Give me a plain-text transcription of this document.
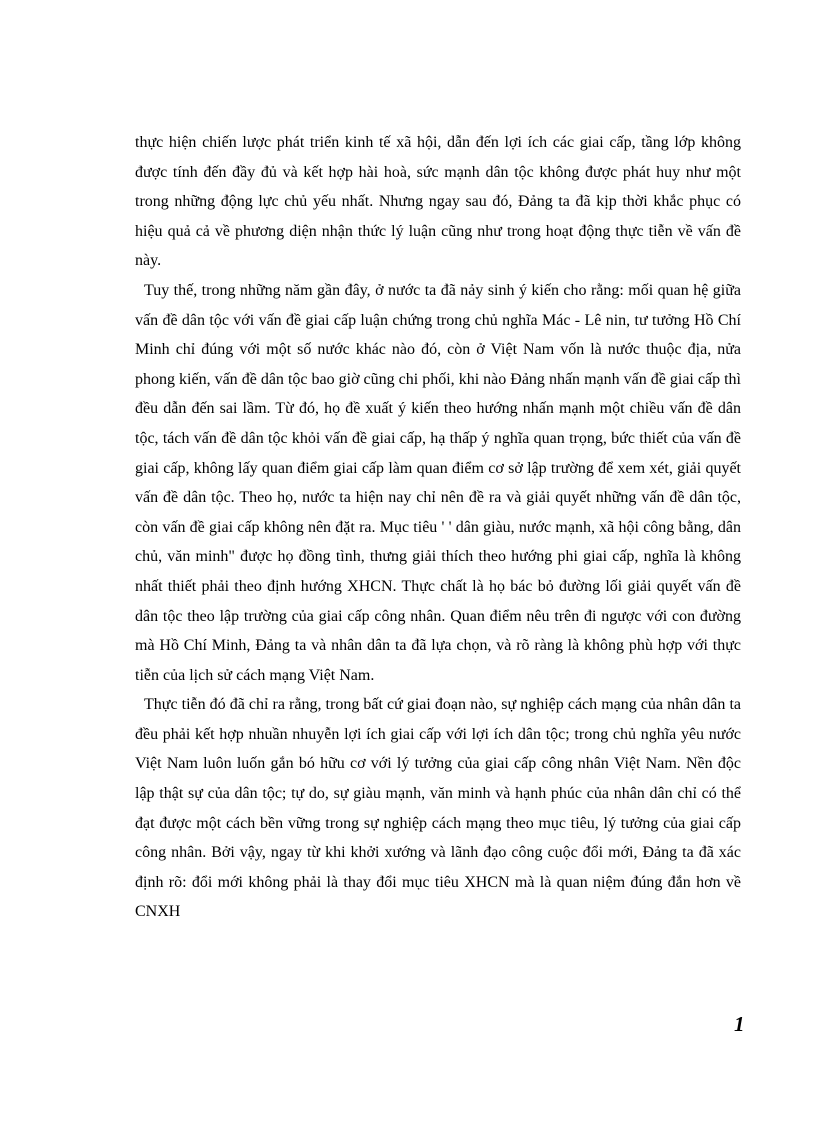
thực hiện chiến lược phát triển kinh tế xã hội, dẫn đến lợi ích các giai cấp, tầng lớp không được tính đến đầy đủ và kết hợp hài hoà, sức mạnh dân tộc không được phát huy như một trong những động lực chủ yếu nhất. Nhưng ngay sau đó, Đảng ta đã kịp thời khắc phục có hiệu quả cả về phương diện nhận thức lý luận cũng như trong hoạt động thực tiễn về vấn đề này.

Tuy thế, trong những năm gần đây, ở nước ta đã nảy sinh ý kiến cho rằng: mối quan hệ giữa vấn đề dân tộc với vấn đề giai cấp luận chứng trong chủ nghĩa Mác - Lê nin, tư tưởng Hồ Chí Minh chỉ đúng với một số nước khác nào đó, còn ở Việt Nam vốn là nước thuộc địa, nửa phong kiến, vấn đề dân tộc bao giờ cũng chi phối, khi nào Đảng nhấn mạnh vấn đề giai cấp thì đều dẫn đến sai lầm. Từ đó, họ đề xuất ý kiến theo hướng nhấn mạnh một chiều vấn đề dân tộc, tách vấn đề dân tộc khỏi vấn đề giai cấp, hạ thấp ý nghĩa quan trọng, bức thiết của vấn đề giai cấp, không lấy quan điểm giai cấp làm quan điểm cơ sở lập trường để xem xét, giải quyết vấn đề dân tộc. Theo họ, nước ta hiện nay chỉ nên đề ra và giải quyết những vấn đề dân tộc, còn vấn đề giai cấp không nên đặt ra. Mục tiêu ' ' dân giàu, nước mạnh, xã hội công bằng, dân chủ, văn minh" được họ đồng tình, thưng giải thích theo hướng phi giai cấp, nghĩa là không nhất thiết phải theo định hướng XHCN. Thực chất là họ bác bỏ đường lối giải quyết vấn đề dân tộc theo lập trường của giai cấp công nhân. Quan điểm nêu trên đi ngược với con đường mà Hồ Chí Minh, Đảng ta và nhân dân ta đã lựa chọn, và rõ ràng là không phù hợp với thực tiễn của lịch sử cách mạng Việt Nam.

Thực tiễn đó đã chỉ ra rằng, trong bất cứ giai đoạn nào, sự nghiệp cách mạng của nhân dân ta đều phải kết hợp nhuần nhuyễn lợi ích giai cấp với lợi ích dân tộc; trong chủ nghĩa yêu nước Việt Nam luôn luốn gắn bó hữu cơ với lý tưởng của giai cấp công nhân Việt Nam. Nền độc lập thật sự của dân tộc; tự do, sự giàu mạnh, văn minh và hạnh phúc của nhân dân chỉ có thể đạt được một cách bền vững trong sự nghiệp cách mạng theo mục tiêu, lý tưởng của giai cấp công nhân. Bởi vậy, ngay từ khi khởi xướng và lãnh đạo công cuộc đổi mới, Đảng ta đã xác định rõ: đổi mới không phải là thay đổi mục tiêu XHCN mà là quan niệm đúng đắn hơn về CNXH

1
